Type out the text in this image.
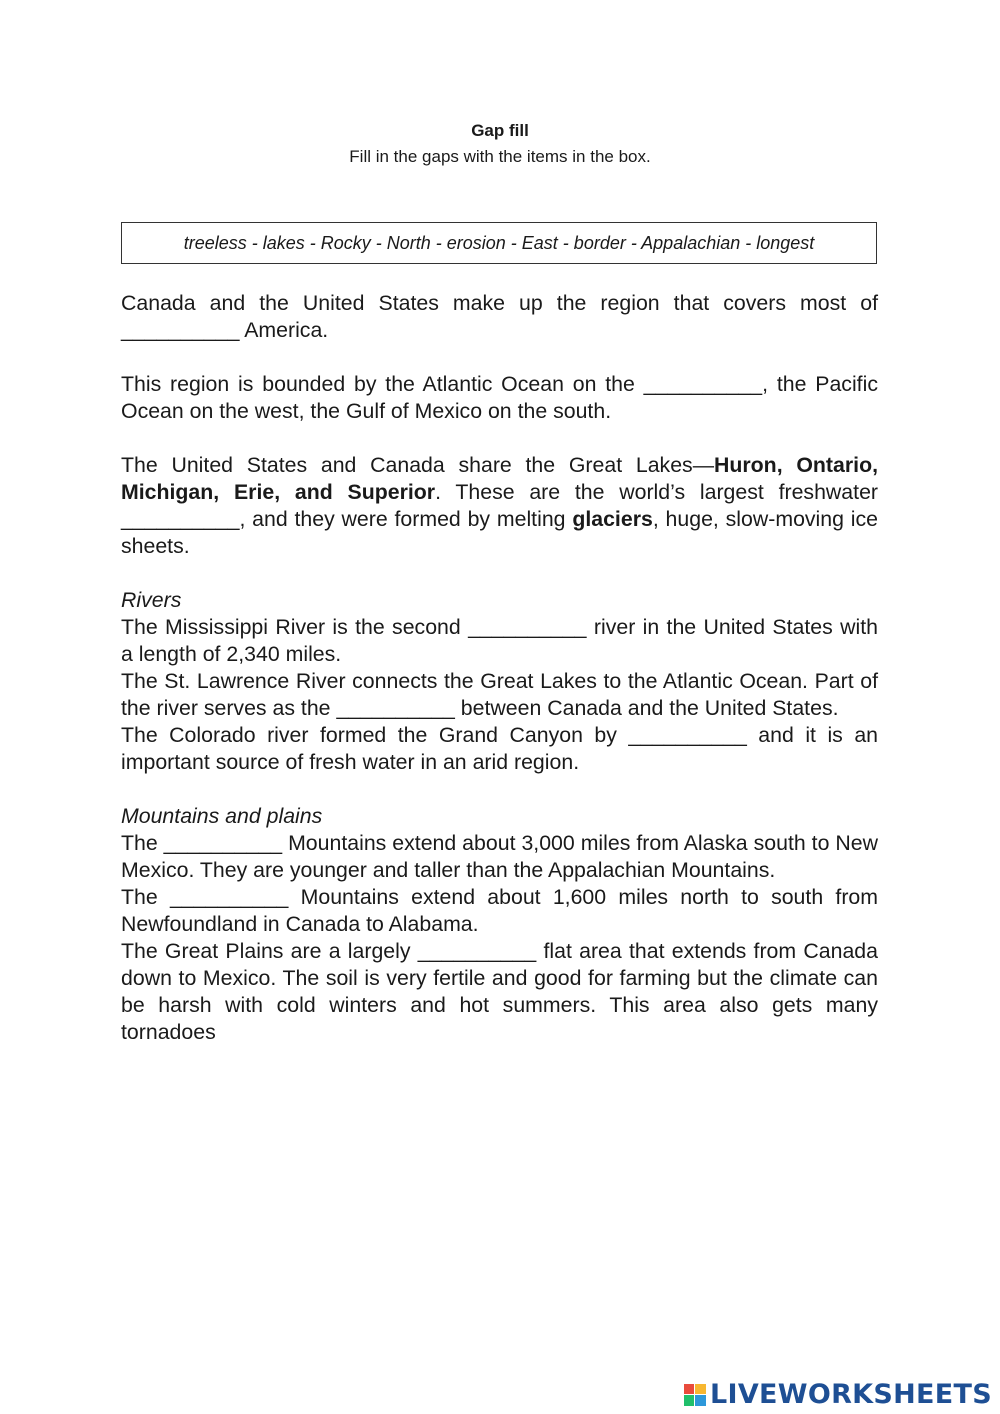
Gap fill
Fill in the gaps with the items in the box.
treeless - lakes - Rocky - North - erosion - East - border - Appalachian - longest

Canada and the United States make up the region that covers most of __________ America.

This region is bounded by the Atlantic Ocean on the __________, the Pacific Ocean on the west, the Gulf of Mexico on the south.

The United States and Canada share the Great Lakes—Huron, Ontario, Michigan, Erie, and Superior. These are the world’s largest freshwater __________, and they were formed by melting glaciers, huge, slow-moving ice sheets.

Rivers

The Mississippi River is the second __________ river in the United States with a length of 2,340 miles.

The St. Lawrence River connects the Great Lakes to the Atlantic Ocean. Part of the river serves as the __________ between Canada and the United States.

The Colorado river formed the Grand Canyon by __________ and it is an important source of fresh water in an arid region.

Mountains and plains

The __________ Mountains extend about 3,000 miles from Alaska south to New Mexico. They are younger and taller than the Appalachian Mountains.

The __________ Mountains extend about 1,600 miles north to south from Newfoundland in Canada to Alabama.

The Great Plains are a largely __________ flat area that extends from Canada down to Mexico. The soil is very fertile and good for farming but the climate can be harsh with cold winters and hot summers. This area also gets many tornadoes

LIVEWORKSHEETS
